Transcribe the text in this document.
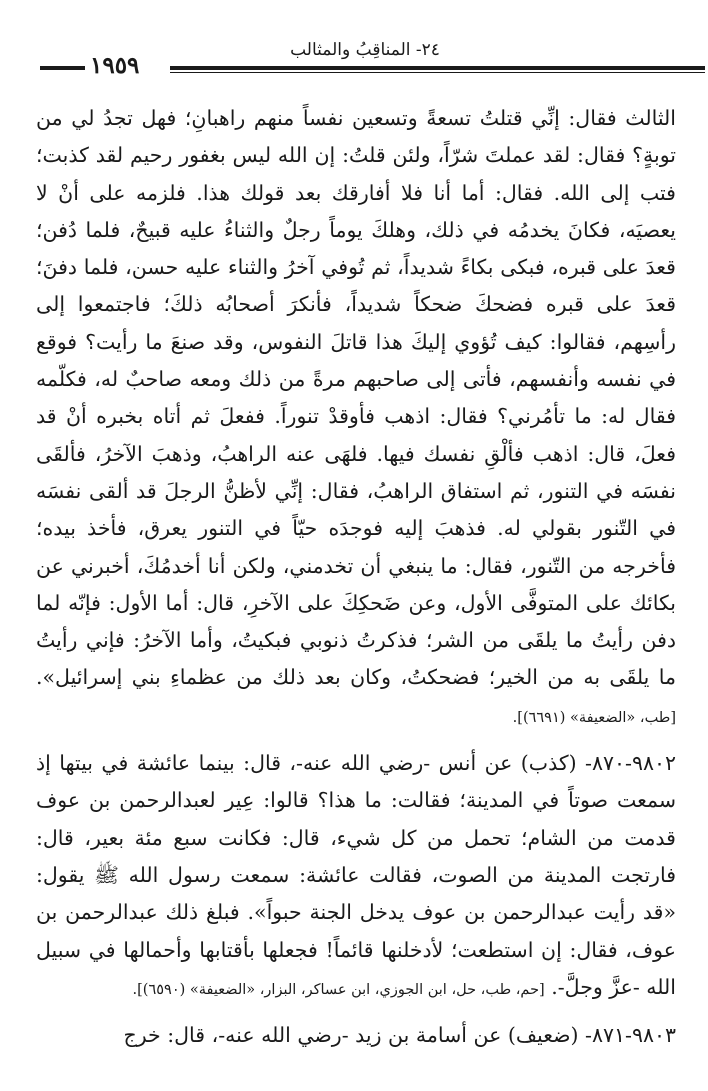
٢٤- المناقِبُ والمثالب
١٩٥٩

الثالث فقال: إنِّي قتلتُ تسعةً وتسعين نفساً منهم راهبانِ؛ فهل تجدُ لي من توبةٍ؟ فقال: لقد عملتَ شرّاً، ولئن قلتُ: إن الله ليس بغفور رحيم لقد كذبت؛ فتب إلى الله. فقال: أما أنا فلا أفارقك بعد قولك هذا. فلزمه على أنْ لا يعصيَه، فكانَ يخدمُه في ذلك، وهلكَ يوماً رجلٌ والثناءُ عليه قبيحٌ، فلما دُفن؛ قعدَ على قبره، فبكى بكاءً شديداً، ثم تُوفي آخرُ والثناء عليه حسن، فلما دفنَ؛ قعدَ على قبره فضحكَ ضحكاً شديداً، فأنكرَ أصحابُه ذلكَ؛ فاجتمعوا إلى رأسِهم، فقالوا: كيف تُؤوي إليكَ هذا قاتلَ النفوس، وقد صنعَ ما رأيت؟ فوقع في نفسه وأنفسهم، فأتى إلى صاحبهم مرةً من ذلك ومعه صاحبٌ له، فكلّمه فقال له: ما تأمُرني؟ فقال: اذهب فأوقدْ تنوراً. ففعلَ ثم أتاه بخبره أنْ قد فعلَ، قال: اذهب فألْقِ نفسك فيها. فلهَى عنه الراهبُ، وذهبَ الآخرُ، فألقَى نفسَه في التنور، ثم استفاق الراهبُ، فقال: إنِّي لأظنُّ الرجلَ قد ألقى نفسَه في التّنور بقولي له. فذهبَ إليه فوجدَه حيّاً في التنور يعرق، فأخذ بيده؛ فأخرجه من التّنور، فقال: ما ينبغي أن تخدمني، ولكن أنا أخدمُكَ، أخبرني عن بكائك على المتوفَّى الأول، وعن ضَحكِكَ على الآخرِ، قال: أما الأول: فإنّه لما دفن رأيتُ ما يلقَى من الشر؛ فذكرتُ ذنوبي فبكيتُ، وأما الآخرُ: فإني رأيتُ ما يلقَى به من الخير؛ فضحكتُ، وكان بعد ذلك من عظماءِ بني إسرائيل». [طب، «الضعيفة» (٦٦٩١)].

٩٨٠٢-٨٧٠- (كذب) عن أنس -رضي الله عنه-، قال: بينما عائشة في بيتها إذ سمعت صوتاً في المدينة؛ فقالت: ما هذا؟ قالوا: عِير لعبدالرحمن بن عوف قدمت من الشام؛ تحمل من كل شيء، قال: فكانت سبع مئة بعير، قال: فارتجت المدينة من الصوت، فقالت عائشة: سمعت رسول الله ﷺ يقول: «قد رأيت عبدالرحمن بن عوف يدخل الجنة حبواً». فبلغ ذلك عبدالرحمن بن عوف، فقال: إن استطعت؛ لأدخلنها قائماً! فجعلها بأقتابها وأحمالها في سبيل الله -عزَّ وجلَّ-. [حم، طب، حل، ابن الجوزي، ابن عساكر، البزار، «الضعيفة» (٦٥٩٠)].

٩٨٠٣-٨٧١- (ضعيف) عن أسامة بن زيد -رضي الله عنه-، قال: خرج
